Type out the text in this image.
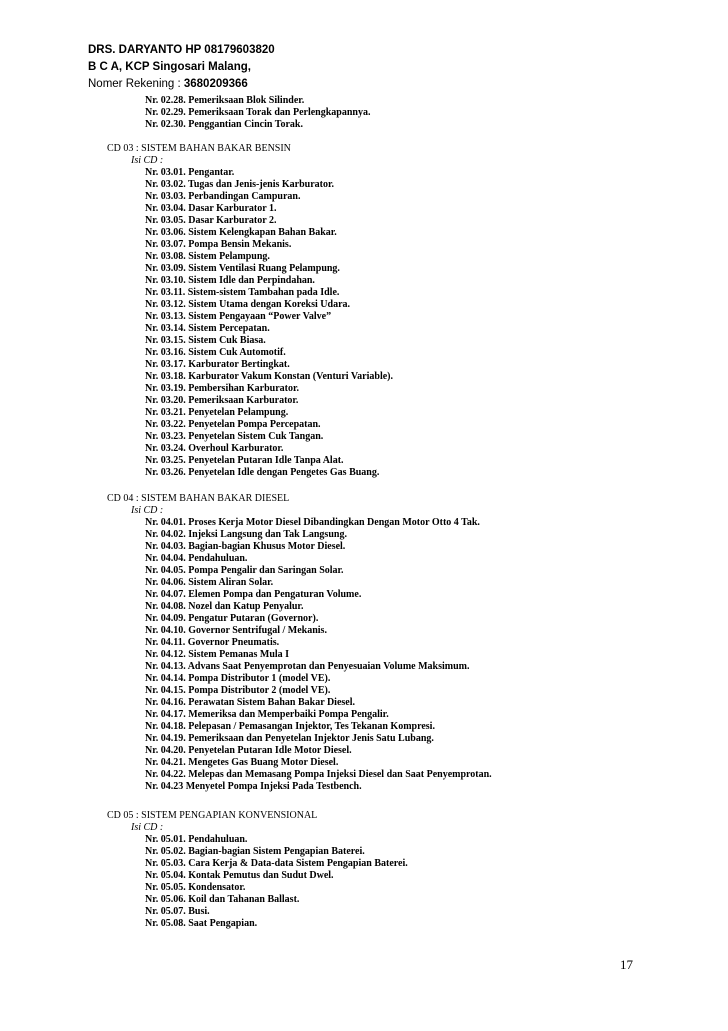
DRS. DARYANTO HP 08179603820
B C A, KCP Singosari Malang,
Nomer Rekening : 3680209366
Nr. 02.28. Pemeriksaan Blok Silinder.
Nr. 02.29. Pemeriksaan Torak dan Perlengkapannya.
Nr. 02.30. Penggantian Cincin Torak.
CD 03 : SISTEM BAHAN BAKAR BENSIN
Isi CD :
Nr. 03.01. Pengantar.
Nr. 03.02. Tugas dan Jenis-jenis Karburator.
Nr. 03.03. Perbandingan Campuran.
Nr. 03.04. Dasar Karburator 1.
Nr. 03.05. Dasar Karburator 2.
Nr. 03.06. Sistem Kelengkapan Bahan Bakar.
Nr. 03.07. Pompa Bensin Mekanis.
Nr. 03.08. Sistem Pelampung.
Nr. 03.09. Sistem Ventilasi Ruang Pelampung.
Nr. 03.10. Sistem Idle dan Perpindahan.
Nr. 03.11. Sistem-sistem Tambahan pada Idle.
Nr. 03.12. Sistem Utama dengan Koreksi Udara.
Nr. 03.13. Sistem Pengayaan “Power Valve”
Nr. 03.14. Sistem Percepatan.
Nr. 03.15. Sistem Cuk Biasa.
Nr. 03.16. Sistem Cuk Automotif.
Nr. 03.17. Karburator Bertingkat.
Nr. 03.18. Karburator Vakum Konstan (Venturi Variable).
Nr. 03.19. Pembersihan Karburator.
Nr. 03.20. Pemeriksaan Karburator.
Nr. 03.21. Penyetelan Pelampung.
Nr. 03.22. Penyetelan Pompa Percepatan.
Nr. 03.23. Penyetelan Sistem Cuk Tangan.
Nr. 03.24. Overhoul Karburator.
Nr. 03.25. Penyetelan Putaran Idle Tanpa Alat.
Nr. 03.26. Penyetelan Idle dengan Pengetes Gas Buang.
CD 04 : SISTEM BAHAN BAKAR DIESEL
Isi CD :
Nr. 04.01. Proses Kerja Motor Diesel Dibandingkan Dengan Motor Otto 4 Tak.
Nr. 04.02. Injeksi Langsung dan Tak Langsung.
Nr. 04.03. Bagian-bagian Khusus Motor Diesel.
Nr. 04.04. Pendahuluan.
Nr. 04.05. Pompa Pengalir dan Saringan Solar.
Nr. 04.06. Sistem Aliran Solar.
Nr. 04.07. Elemen Pompa dan Pengaturan Volume.
Nr. 04.08. Nozel dan Katup Penyalur.
Nr. 04.09. Pengatur Putaran (Governor).
Nr. 04.10. Governor Sentrifugal / Mekanis.
Nr. 04.11. Governor Pneumatis.
Nr. 04.12. Sistem Pemanas Mula I
Nr. 04.13. Advans Saat Penyemprotan dan Penyesuaian Volume Maksimum.
Nr. 04.14. Pompa Distributor 1 (model VE).
Nr. 04.15. Pompa Distributor 2 (model VE).
Nr. 04.16. Perawatan Sistem Bahan Bakar Diesel.
Nr. 04.17. Memeriksa dan Memperbaiki Pompa Pengalir.
Nr. 04.18. Pelepasan / Pemasangan Injektor, Tes Tekanan Kompresi.
Nr. 04.19. Pemeriksaan dan Penyetelan Injektor Jenis Satu Lubang.
Nr. 04.20. Penyetelan Putaran Idle Motor Diesel.
Nr. 04.21. Mengetes Gas Buang Motor Diesel.
Nr. 04.22. Melepas dan Memasang Pompa Injeksi Diesel dan Saat Penyemprotan.
Nr. 04.23 Menyetel Pompa Injeksi Pada Testbench.
CD 05 : SISTEM PENGAPIAN KONVENSIONAL
Isi CD :
Nr. 05.01. Pendahuluan.
Nr. 05.02. Bagian-bagian Sistem Pengapian Baterei.
Nr. 05.03. Cara Kerja & Data-data Sistem Pengapian Baterei.
Nr. 05.04. Kontak Pemutus dan Sudut Dwel.
Nr. 05.05. Kondensator.
Nr. 05.06. Koil dan Tahanan Ballast.
Nr. 05.07. Busi.
Nr. 05.08. Saat Pengapian.
17
